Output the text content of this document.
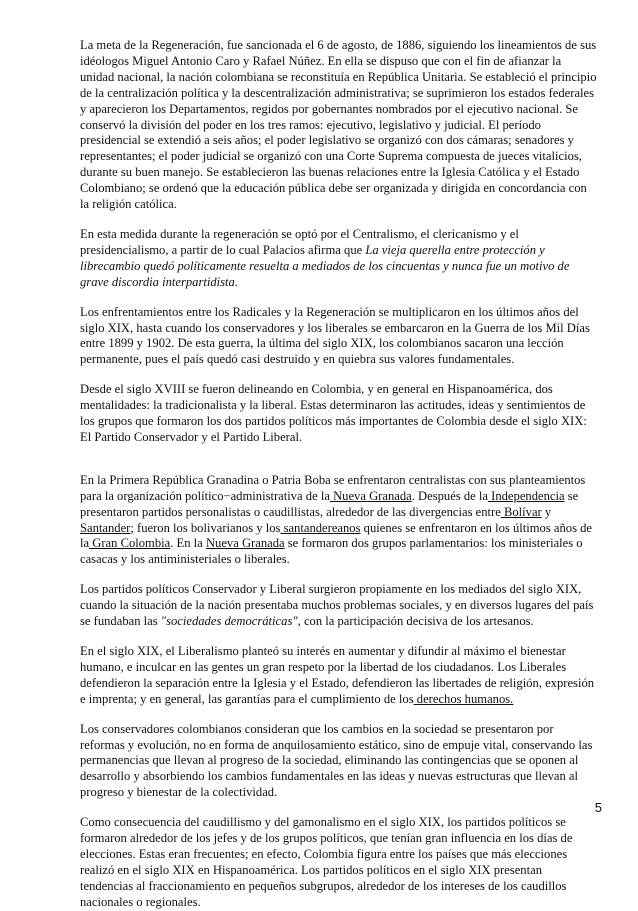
La meta de la Regeneración, fue sancionada el 6 de agosto, de 1886, siguiendo los lineamientos de sus idéologos Miguel Antonio Caro y Rafael Núñez. En ella se dispuso que con el fin de afianzar la unidad nacional, la nación colombiana se reconstituía en República Unitaria. Se estableció el principio de la centralización política y la descentralización administrativa; se suprimieron los estados federales y aparecieron los Departamentos, regidos por gobernantes nombrados por el ejecutivo nacional. Se conservó la división del poder en los tres ramos: ejecutivo, legislativo y judicial. El período presidencial se extendió a seis años; el poder legislativo se organizó con dos cámaras; senadores y representantes; el poder judicial se organizó con una Corte Suprema compuesta de jueces vitalicios, durante su buen manejo. Se establecieron las buenas relaciones entre la Iglesia Católica y el Estado Colombiano; se ordenó que la educación pública debe ser organizada y dirigida en concordancia con la religión católica.

En esta medida durante la regeneración se optó por el Centralismo, el clericanismo y el presidencialismo, a partir de lo cual Palacios afirma que La vieja querella entre protección y librecambio quedó políticamente resuelta a mediados de los cincuentas y nunca fue un motivo de grave discordia interpartidista.

Los enfrentamientos entre los Radicales y la Regeneración se multiplicaron en los últimos años del siglo XIX, hasta cuando los conservadores y los liberales se embarcaron en la Guerra de los Mil Días entre 1899 y 1902. De esta guerra, la última del siglo XIX, los colombianos sacaron una lección permanente, pues el país quedó casi destruido y en quiebra sus valores fundamentales.

Desde el siglo XVIII se fueron delineando en Colombia, y en general en Hispanoamérica, dos mentalidades: la tradicionalista y la liberal. Estas determinaron las actitudes, ideas y sentimientos de los grupos que formaron los dos partidos políticos más importantes de Colombia desde el siglo XIX: El Partido Conservador y el Partido Liberal.

En la Primera República Granadina o Patria Boba se enfrentaron centralistas con sus planteamientos para la organización político−administrativa de la Nueva Granada. Después de la Independencia se presentaron partidos personalistas o caudillistas, alrededor de las divergencias entre Bolívar y Santander; fueron los bolivarianos y los santandereanos quienes se enfrentaron en los últimos años de la Gran Colombia. En la Nueva Granada se formaron dos grupos parlamentarios: los ministeriales o casacas y los antiministeriales o liberales.

Los partidos políticos Conservador y Liberal surgieron propiamente en los mediados del siglo XIX, cuando la situación de la nación presentaba muchos problemas sociales, y en diversos lugares del país se fundaban las "sociedades democráticas", con la participación decisiva de los artesanos.

En el siglo XIX, el Liberalismo planteó su interés en aumentar y difundir al máximo el bienestar humano, e inculcar en las gentes un gran respeto por la libertad de los ciudadanos. Los Liberales defendieron la separación entre la Iglesia y el Estado, defendieron las libertades de religión, expresión e imprenta; y en general, las garantías para el cumplimiento de los derechos humanos.

Los conservadores colombianos consideran que los cambios en la sociedad se presentaron por reformas y evolución, no en forma de anquilosamiento estático, sino de empuje vital, conservando las permanencias que llevan al progreso de la sociedad, eliminando las contingencias que se oponen al desarrollo y absorbiendo los cambios fundamentales en las ideas y nuevas estructuras que llevan al progreso y bienestar de la colectividad.

Como consecuencia del caudillismo y del gamonalismo en el siglo XIX, los partidos políticos se formaron alrededor de los jefes y de los grupos políticos, que tenían gran influencia en los días de elecciones. Estas eran frecuentes; en efecto, Colombia figura entre los países que más elecciones realizó en el siglo XIX en Hispanoamérica. Los partidos políticos en el siglo XIX presentan tendencias al fraccionamiento en pequeños subgrupos, alrededor de los intereses de los caudillos nacionales o regionales.

5
